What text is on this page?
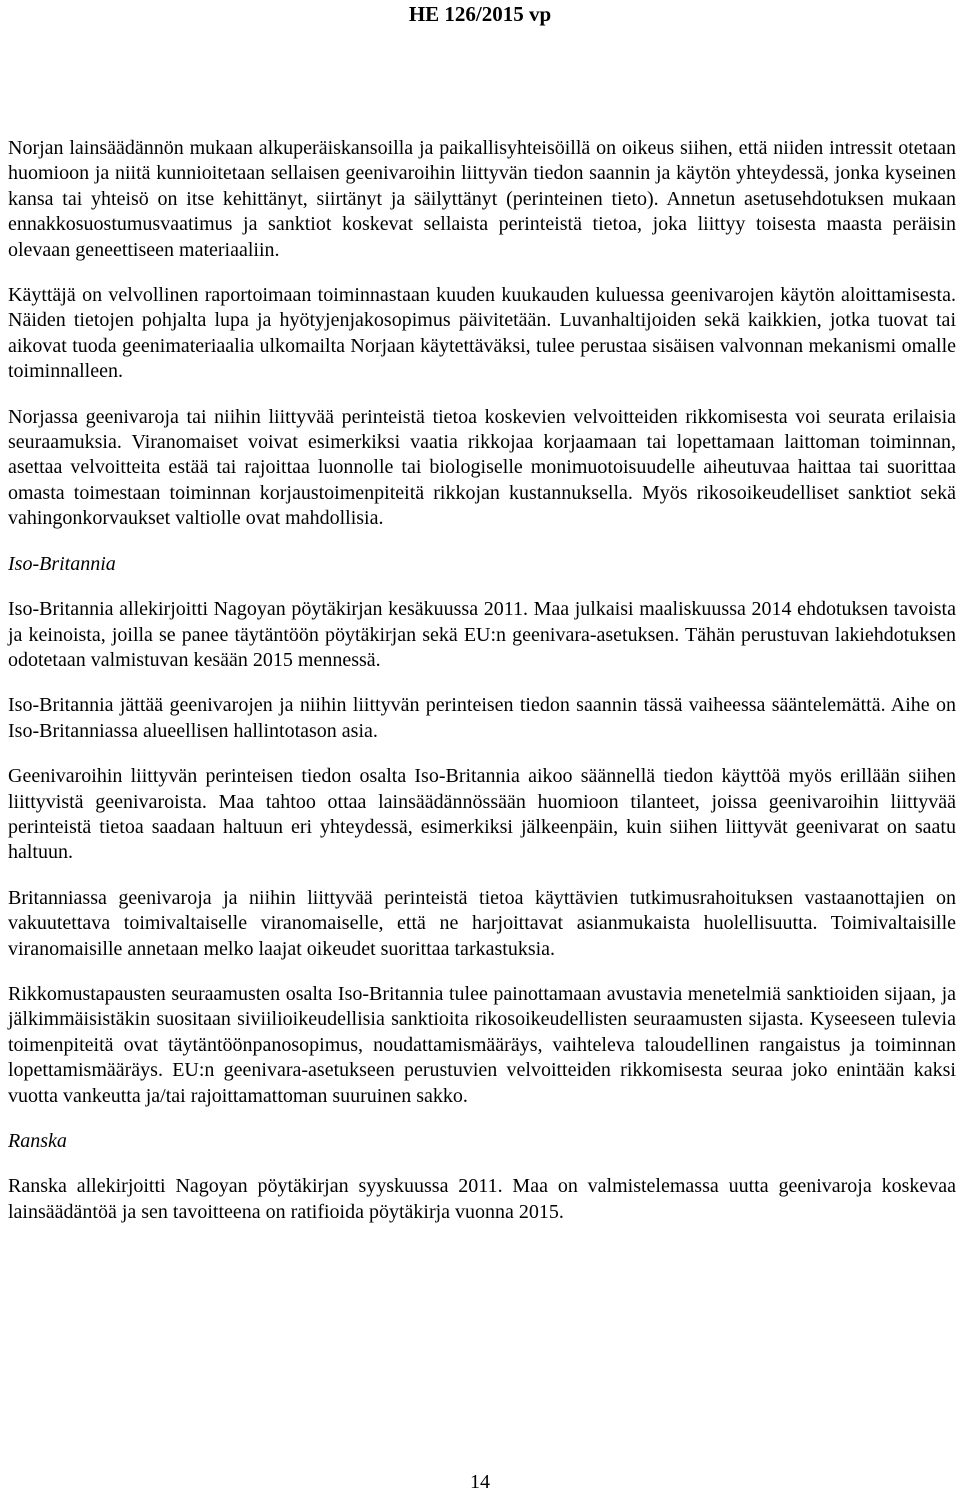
HE 126/2015 vp

Norjan lainsäädännön mukaan alkuperäiskansoilla ja paikallisyhteisöillä on oikeus siihen, että niiden intressit otetaan huomioon ja niitä kunnioitetaan sellaisen geenivaroihin liittyvän tiedon saannin ja käytön yhteydessä, jonka kyseinen kansa tai yhteisö on itse kehittänyt, siirtänyt ja säilyttänyt (perinteinen tieto). Annetun asetusehdotuksen mukaan ennakkosuostumusvaatimus ja sanktiot koskevat sellaista perinteistä tietoa, joka liittyy toisesta maasta peräisin olevaan geneettiseen materiaaliin.

Käyttäjä on velvollinen raportoimaan toiminnastaan kuuden kuukauden kuluessa geenivarojen käytön aloittamisesta. Näiden tietojen pohjalta lupa ja hyötyjenjakosopimus päivitetään. Luvanhaltijoiden sekä kaikkien, jotka tuovat tai aikovat tuoda geenimateriaalia ulkomailta Norjaan käytettäväksi, tulee perustaa sisäisen valvonnan mekanismi omalle toiminnalleen.

Norjassa geenivaroja tai niihin liittyvää perinteistä tietoa koskevien velvoitteiden rikkomisesta voi seurata erilaisia seuraamuksia. Viranomaiset voivat esimerkiksi vaatia rikkojaa korjaamaan tai lopettamaan laittoman toiminnan, asettaa velvoitteita estää tai rajoittaa luonnolle tai biologiselle monimuotoisuudelle aiheutuvaa haittaa tai suorittaa omasta toimestaan toiminnan korjaustoimenpiteitä rikkojan kustannuksella. Myös rikosoikeudelliset sanktiot sekä vahingonkorvaukset valtiolle ovat mahdollisia.

Iso-Britannia

Iso-Britannia allekirjoitti Nagoyan pöytäkirjan kesäkuussa 2011. Maa julkaisi maaliskuussa 2014 ehdotuksen tavoista ja keinoista, joilla se panee täytäntöön pöytäkirjan sekä EU:n geenivara-asetuksen. Tähän perustuvan lakiehdotuksen odotetaan valmistuvan kesään 2015 mennessä.

Iso-Britannia jättää geenivarojen ja niihin liittyvän perinteisen tiedon saannin tässä vaiheessa sääntelemättä. Aihe on Iso-Britanniassa alueellisen hallintotason asia.

Geenivaroihin liittyvän perinteisen tiedon osalta Iso-Britannia aikoo säännellä tiedon käyttöä myös erillään siihen liittyvistä geenivaroista. Maa tahtoo ottaa lainsäädännössään huomioon tilanteet, joissa geenivaroihin liittyvää perinteistä tietoa saadaan haltuun eri yhteydessä, esimerkiksi jälkeenpäin, kuin siihen liittyvät geenivarat on saatu haltuun.

Britanniassa geenivaroja ja niihin liittyvää perinteistä tietoa käyttävien tutkimusrahoituksen vastaanottajien on vakuutettava toimivaltaiselle viranomaiselle, että ne harjoittavat asianmukaista huolellisuutta. Toimivaltaisille viranomaisille annetaan melko laajat oikeudet suorittaa tarkastuksia.

Rikkomustapausten seuraamusten osalta Iso-Britannia tulee painottamaan avustavia menetelmiä sanktioiden sijaan, ja jälkimmäisistäkin suositaan siviilioikeudellisia sanktioita rikosoikeudellisten seuraamusten sijasta. Kyseeseen tulevia toimenpiteitä ovat täytäntöönpanosopimus, noudattamismääräys, vaihteleva taloudellinen rangaistus ja toiminnan lopettamismääräys. EU:n geenivara-asetukseen perustuvien velvoitteiden rikkomisesta seuraa joko enintään kaksi vuotta vankeutta ja/tai rajoittamattoman suuruinen sakko.

Ranska

Ranska allekirjoitti Nagoyan pöytäkirjan syyskuussa 2011. Maa on valmistelemassa uutta geenivaroja koskevaa lainsäädäntöä ja sen tavoitteena on ratifioida pöytäkirja vuonna 2015.

14
